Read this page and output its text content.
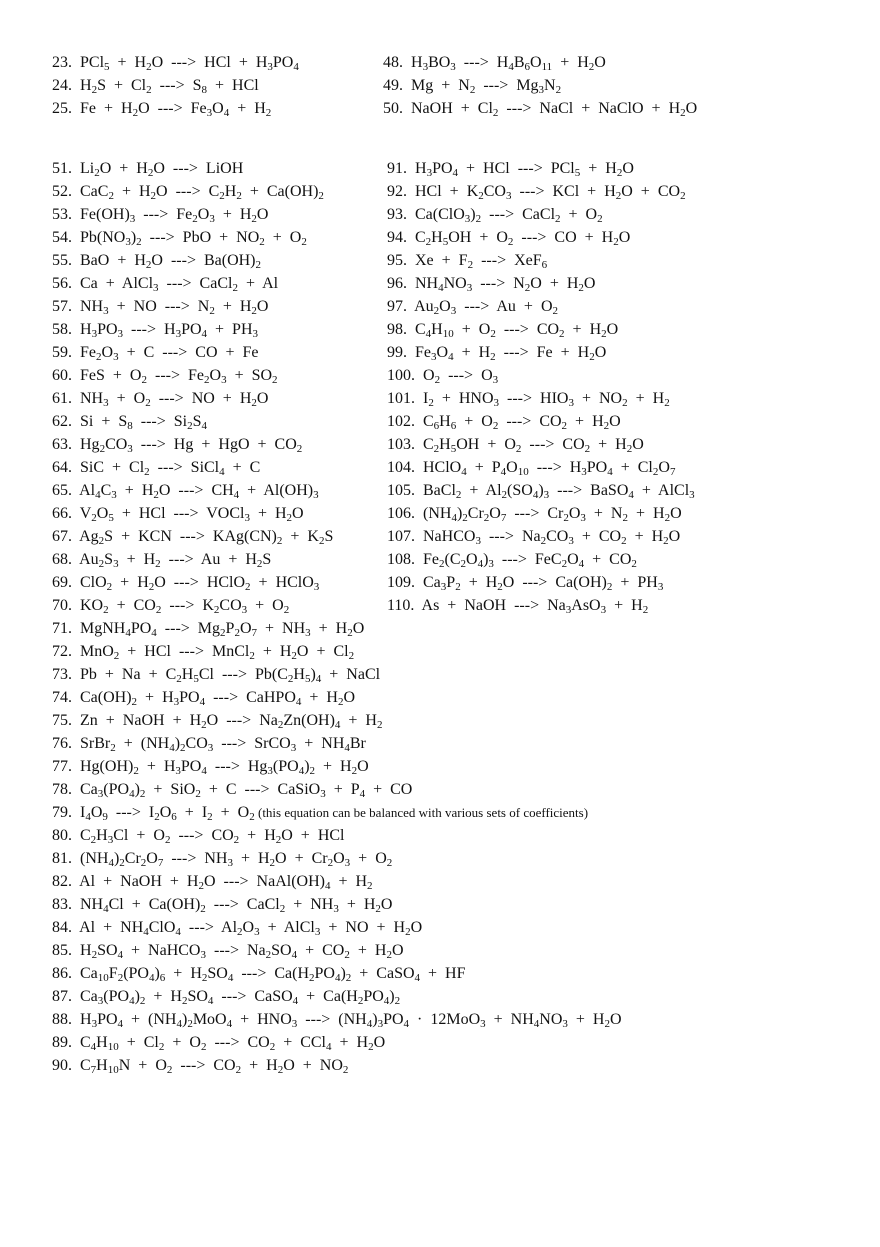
23.  $PCl_5 + H_2O$  --->  HCl  +  $H_3PO_4$
24.  $H_2S + Cl_2$  --->  $S_8$  +  HCl
25.  $Fe + H_2O$  --->  $Fe_3O_4 + H_2$
48.  $H_3BO_3$  --->  $H_4B_6O_{11} + H_2O$
49.  $Mg + N_2$  --->  $Mg_3N_2$
50.  NaOH  +  $Cl_2$  --->  NaCl  +  NaClO  +  $H_2O$
51.  $Li_2O + H_2O$  --->  LiOH
52.  $CaC_2 + H_2O$  --->  $C_2H_2 + Ca(OH)_2$
53.  $Fe(OH)_3$  --->  $Fe_2O_3 + H_2O$
54.  $Pb(NO_3)_2$  --->  PbO  +  $NO_2 + O_2$
55.  BaO  +  $H_2O$  --->  $Ba(OH)_2$
56.  Ca  +  AlCl$_3$  --->  CaCl$_2$  +  Al
57.  $NH_3$  +  NO  --->  $N_2 + H_2O$
58.  $H_3PO_3$  --->  $H_3PO_4 + PH_3$
59.  $Fe_2O_3 + C$  --->  CO  +  Fe
60.  FeS  +  $O_2$  --->  $Fe_2O_3 + SO_2$
61.  $NH_3 + O_2$  --->  NO  +  $H_2O$
62.  $Si + S_8$  --->  $Si_2S_4$
63.  $Hg_2CO_3$  --->  Hg  +  HgO  +  $CO_2$
64.  SiC  +  $Cl_2$  --->  SiCl$_4$  +  C
65.  $Al_4C_3 + H_2O$  --->  $CH_4 + Al(OH)_3$
66.  $V_2O_5$  +  HCl  --->  VOCl$_3$  +  $H_2O$
67.  $Ag_2S$  +  KCN  --->  $KAg(CN)_2 + K_2S$
68.  $Au_2S_3 + H_2$  --->  $Au + H_2S$
69.  $ClO_2 + H_2O$  --->  HClO$_2$  +  HClO$_3$
70.  $KO_2 + CO_2$  --->  $K_2CO_3 + O_2$
71.  $MgNH_4PO_4$  --->  $Mg_2P_2O_7 + NH_3 + H_2O$
72.  MnO$_2$  +  HCl  --->  MnCl$_2$  +  $H_2O + Cl_2$
73.  $Pb + Na + C_2H_5Cl$  --->  $Pb(C_2H_5)_4$  +  NaCl
74.  $Ca(OH)_2 + H_3PO_4$  --->  CaHPO$_4$  +  $H_2O$
75.  Zn  +  NaOH  +  $H_2O$  --->  $Na_2Zn(OH)_4 + H_2$
76.  SrBr$_2$  +  $(NH_4)_2CO_3$  --->  SrCO$_3$  +  $NH_4Br$
77.  $Hg(OH)_2 + H_3PO_4$  --->  $Hg_3(PO_4)_2 + H_2O$
78.  $Ca_3(PO_4)_2 + SiO_2 + C$  --->  CaSiO$_3$  +  $P_4$  +  CO
79.  $I_4O_9$  --->  $I_2O_6 + I_2 + O_2$ (this equation can be balanced with various sets of coefficients)
80.  $C_2H_3Cl + O_2$  --->  $CO_2 + H_2O$  +  HCl
81.  $(NH_4)_2Cr_2O_7$  --->  $NH_3 + H_2O + Cr_2O_3 + O_2$
82.  Al  +  NaOH  +  $H_2O$  --->  $NaAl(OH)_4 + H_2$
83.  $NH_4Cl + Ca(OH)_2$  --->  CaCl$_2$  +  $NH_3 + H_2O$
84.  $Al + NH_4ClO_4$  --->  $Al_2O_3$  +  AlCl$_3$  +  NO  +  $H_2O$
85.  $H_2SO_4$  +  NaHCO$_3$  --->  $Na_2SO_4 + CO_2 + H_2O$
86.  $Ca_{10}F_2(PO_4)_6 + H_2SO_4$  --->  $Ca(H_2PO_4)_2$  +  CaSO$_4$  +  HF
87.  $Ca_3(PO_4)_2 + H_2SO_4$  --->  CaSO$_4$  +  $Ca(H_2PO_4)_2$
88.  $H_3PO_4 + (NH_4)_2MoO_4 + HNO_3$  --->  $(NH_4)_3PO_4 \cdot 12MoO_3 + NH_4NO_3 + H_2O$
89.  $C_4H_{10} + Cl_2 + O_2$  --->  $CO_2 + CCl_4 + H_2O$
90.  $C_7H_{10}N + O_2$  --->  $CO_2 + H_2O + NO_2$
91.  $H_3PO_4$  +  HCl  --->  $PCl_5 + H_2O$
92.  HCl  +  $K_2CO_3$  --->  KCl  +  $H_2O + CO_2$
93.  $Ca(ClO_3)_2$  --->  CaCl$_2$  +  $O_2$
94.  $C_2H_5OH + O_2$  --->  CO  +  $H_2O$
95.  $Xe + F_2$  --->  XeF$_6$
96.  $NH_4NO_3$  --->  $N_2O + H_2O$
97.  $Au_2O_3$  --->  $Au + O_2$
98.  $C_4H_{10} + O_2$  --->  $CO_2 + H_2O$
99.  $Fe_3O_4 + H_2$  --->  $Fe + H_2O$
100.  $O_2$  --->  $O_3$
101.  $I_2 + HNO_3$  --->  $HIO_3 + NO_2 + H_2$
102.  $C_6H_6 + O_2$  --->  $CO_2 + H_2O$
103.  $C_2H_5OH + O_2$  --->  $CO_2 + H_2O$
104.  HClO$_4$  +  $P_4O_{10}$  --->  $H_3PO_4 + Cl_2O_7$
105.  BaCl$_2$  +  $Al_2(SO_4)_3$  --->  BaSO$_4$  +  AlCl$_3$
106.  $(NH_4)_2Cr_2O_7$  --->  $Cr_2O_3 + N_2 + H_2O$
107.  NaHCO$_3$  --->  $Na_2CO_3 + CO_2 + H_2O$
108.  $Fe_2(C_2O_4)_3$  --->  $FeC_2O_4 + CO_2$
109.  $Ca_3P_2 + H_2O$  --->  $Ca(OH)_2 + PH_3$
110.  As  +  NaOH  --->  $Na_3AsO_3 + H_2$
